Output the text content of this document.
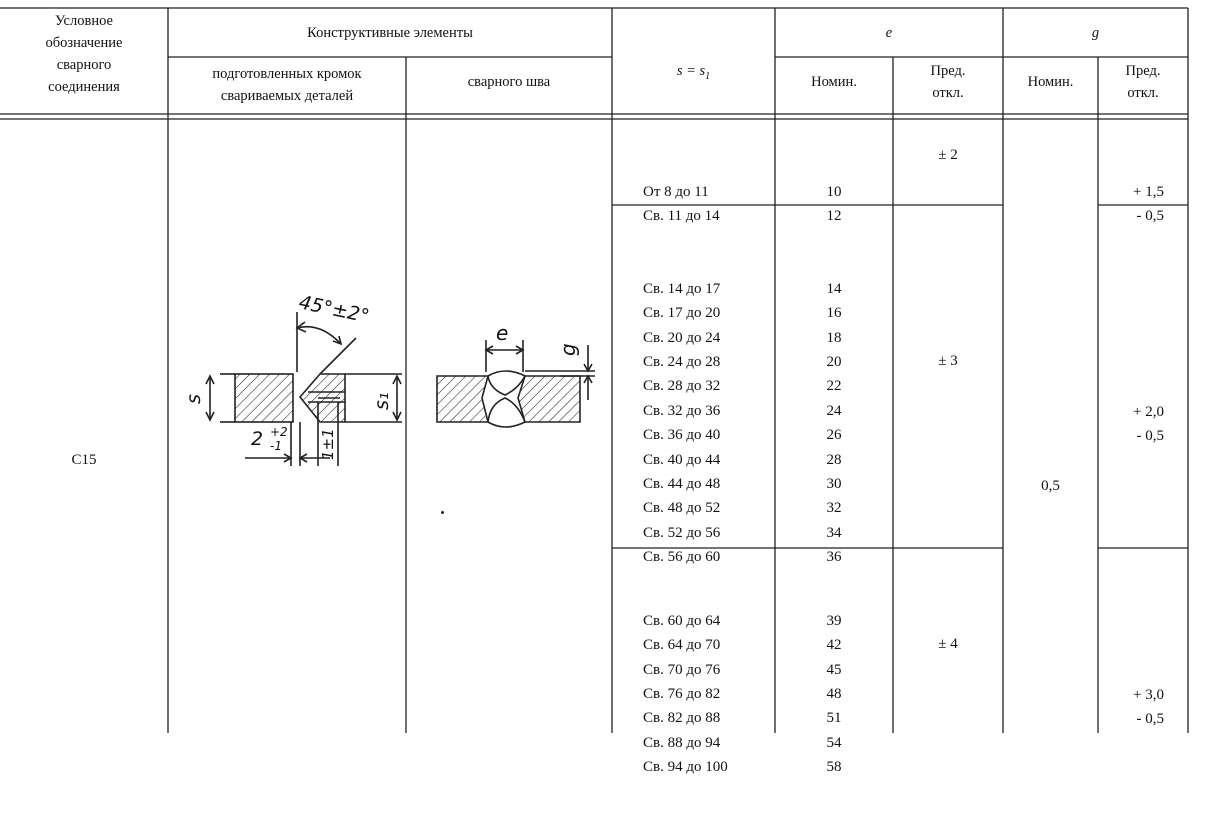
Условное
обозначение
сварного
соединения
Конструктивные элементы
подготовленных кромок
свариваемых деталей
сварного шва
$s = s_1$
e	g
Номин.
Пред.
откл.
Номин.
Пред.
откл.
С15
0,5

От 8 до 11
Св. 11 до 14

10
12

± 2

+ 1,5
- 0,5

Св. 14 до 17
Св. 17 до 20
Св. 20 до 24
Св. 24 до 28
Св. 28 до 32
Св. 32 до 36
Св. 36 до 40
Св. 40 до 44
Св. 44 до 48
Св. 48 до 52
Св. 52 до 56
Св. 56 до 60

14
16
18
20
22
24
26
28
30
32
34
36

± 3

+ 2,0
- 0,5

Св. 60 до 64
Св. 64 до 70
Св. 70 до 76
Св. 76 до 82
Св. 82 до 88
Св. 88 до 94
Св. 94 до 100

39
42
45
48
51
54
58

± 4

+ 3,0
- 0,5

45°±2°
s	s₁
2 +2
-1 1±1
e
g
